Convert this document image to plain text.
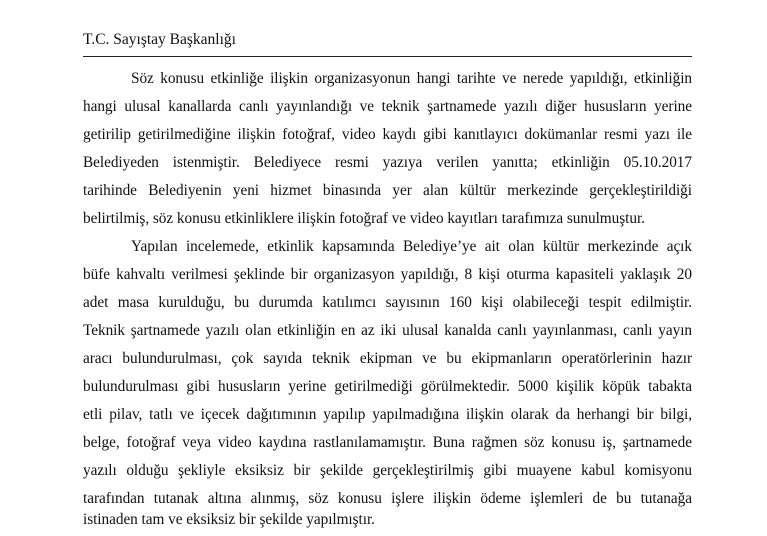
T.C. Sayıştay Başkanlığı
Söz konusu etkinliğe ilişkin organizasyonun hangi tarihte ve nerede yapıldığı, etkinliğin
hangi ulusal kanallarda canlı yayınlandığı ve teknik şartnamede yazılı diğer hususların yerine
getirilip getirilmediğine ilişkin fotoğraf, video kaydı gibi kanıtlayıcı dokümanlar resmi yazı ile
Belediyeden istenmiştir. Belediyece resmi yazıya verilen yanıtta; etkinliğin 05.10.2017
tarihinde Belediyenin yeni hizmet binasında yer alan kültür merkezinde gerçekleştirildiği
belirtilmiş, söz konusu etkinliklere ilişkin fotoğraf ve video kayıtları tarafımıza sunulmuştur.
Yapılan incelemede, etkinlik kapsamında Belediye’ye ait olan kültür merkezinde açık
büfe kahvaltı verilmesi şeklinde bir organizasyon yapıldığı, 8 kişi oturma kapasiteli yaklaşık 20
adet masa kurulduğu, bu durumda katılımcı sayısının 160 kişi olabileceği tespit edilmiştir.
Teknik şartnamede yazılı olan etkinliğin en az iki ulusal kanalda canlı yayınlanması, canlı yayın
aracı bulundurulması, çok sayıda teknik ekipman ve bu ekipmanların operatörlerinin hazır
bulundurulması gibi hususların yerine getirilmediği görülmektedir. 5000 kişilik köpük tabakta
etli pilav, tatlı ve içecek dağıtımının yapılıp yapılmadığına ilişkin olarak da herhangi bir bilgi,
belge, fotoğraf veya video kaydına rastlanılamamıştır. Buna rağmen söz konusu iş, şartnamede
yazılı olduğu şekliyle eksiksiz bir şekilde gerçekleştirilmiş gibi muayene kabul komisyonu
tarafından tutanak altına alınmış, söz konusu işlere ilişkin ödeme işlemleri de bu tutanağa
istinaden tam ve eksiksiz bir şekilde yapılmıştır.
